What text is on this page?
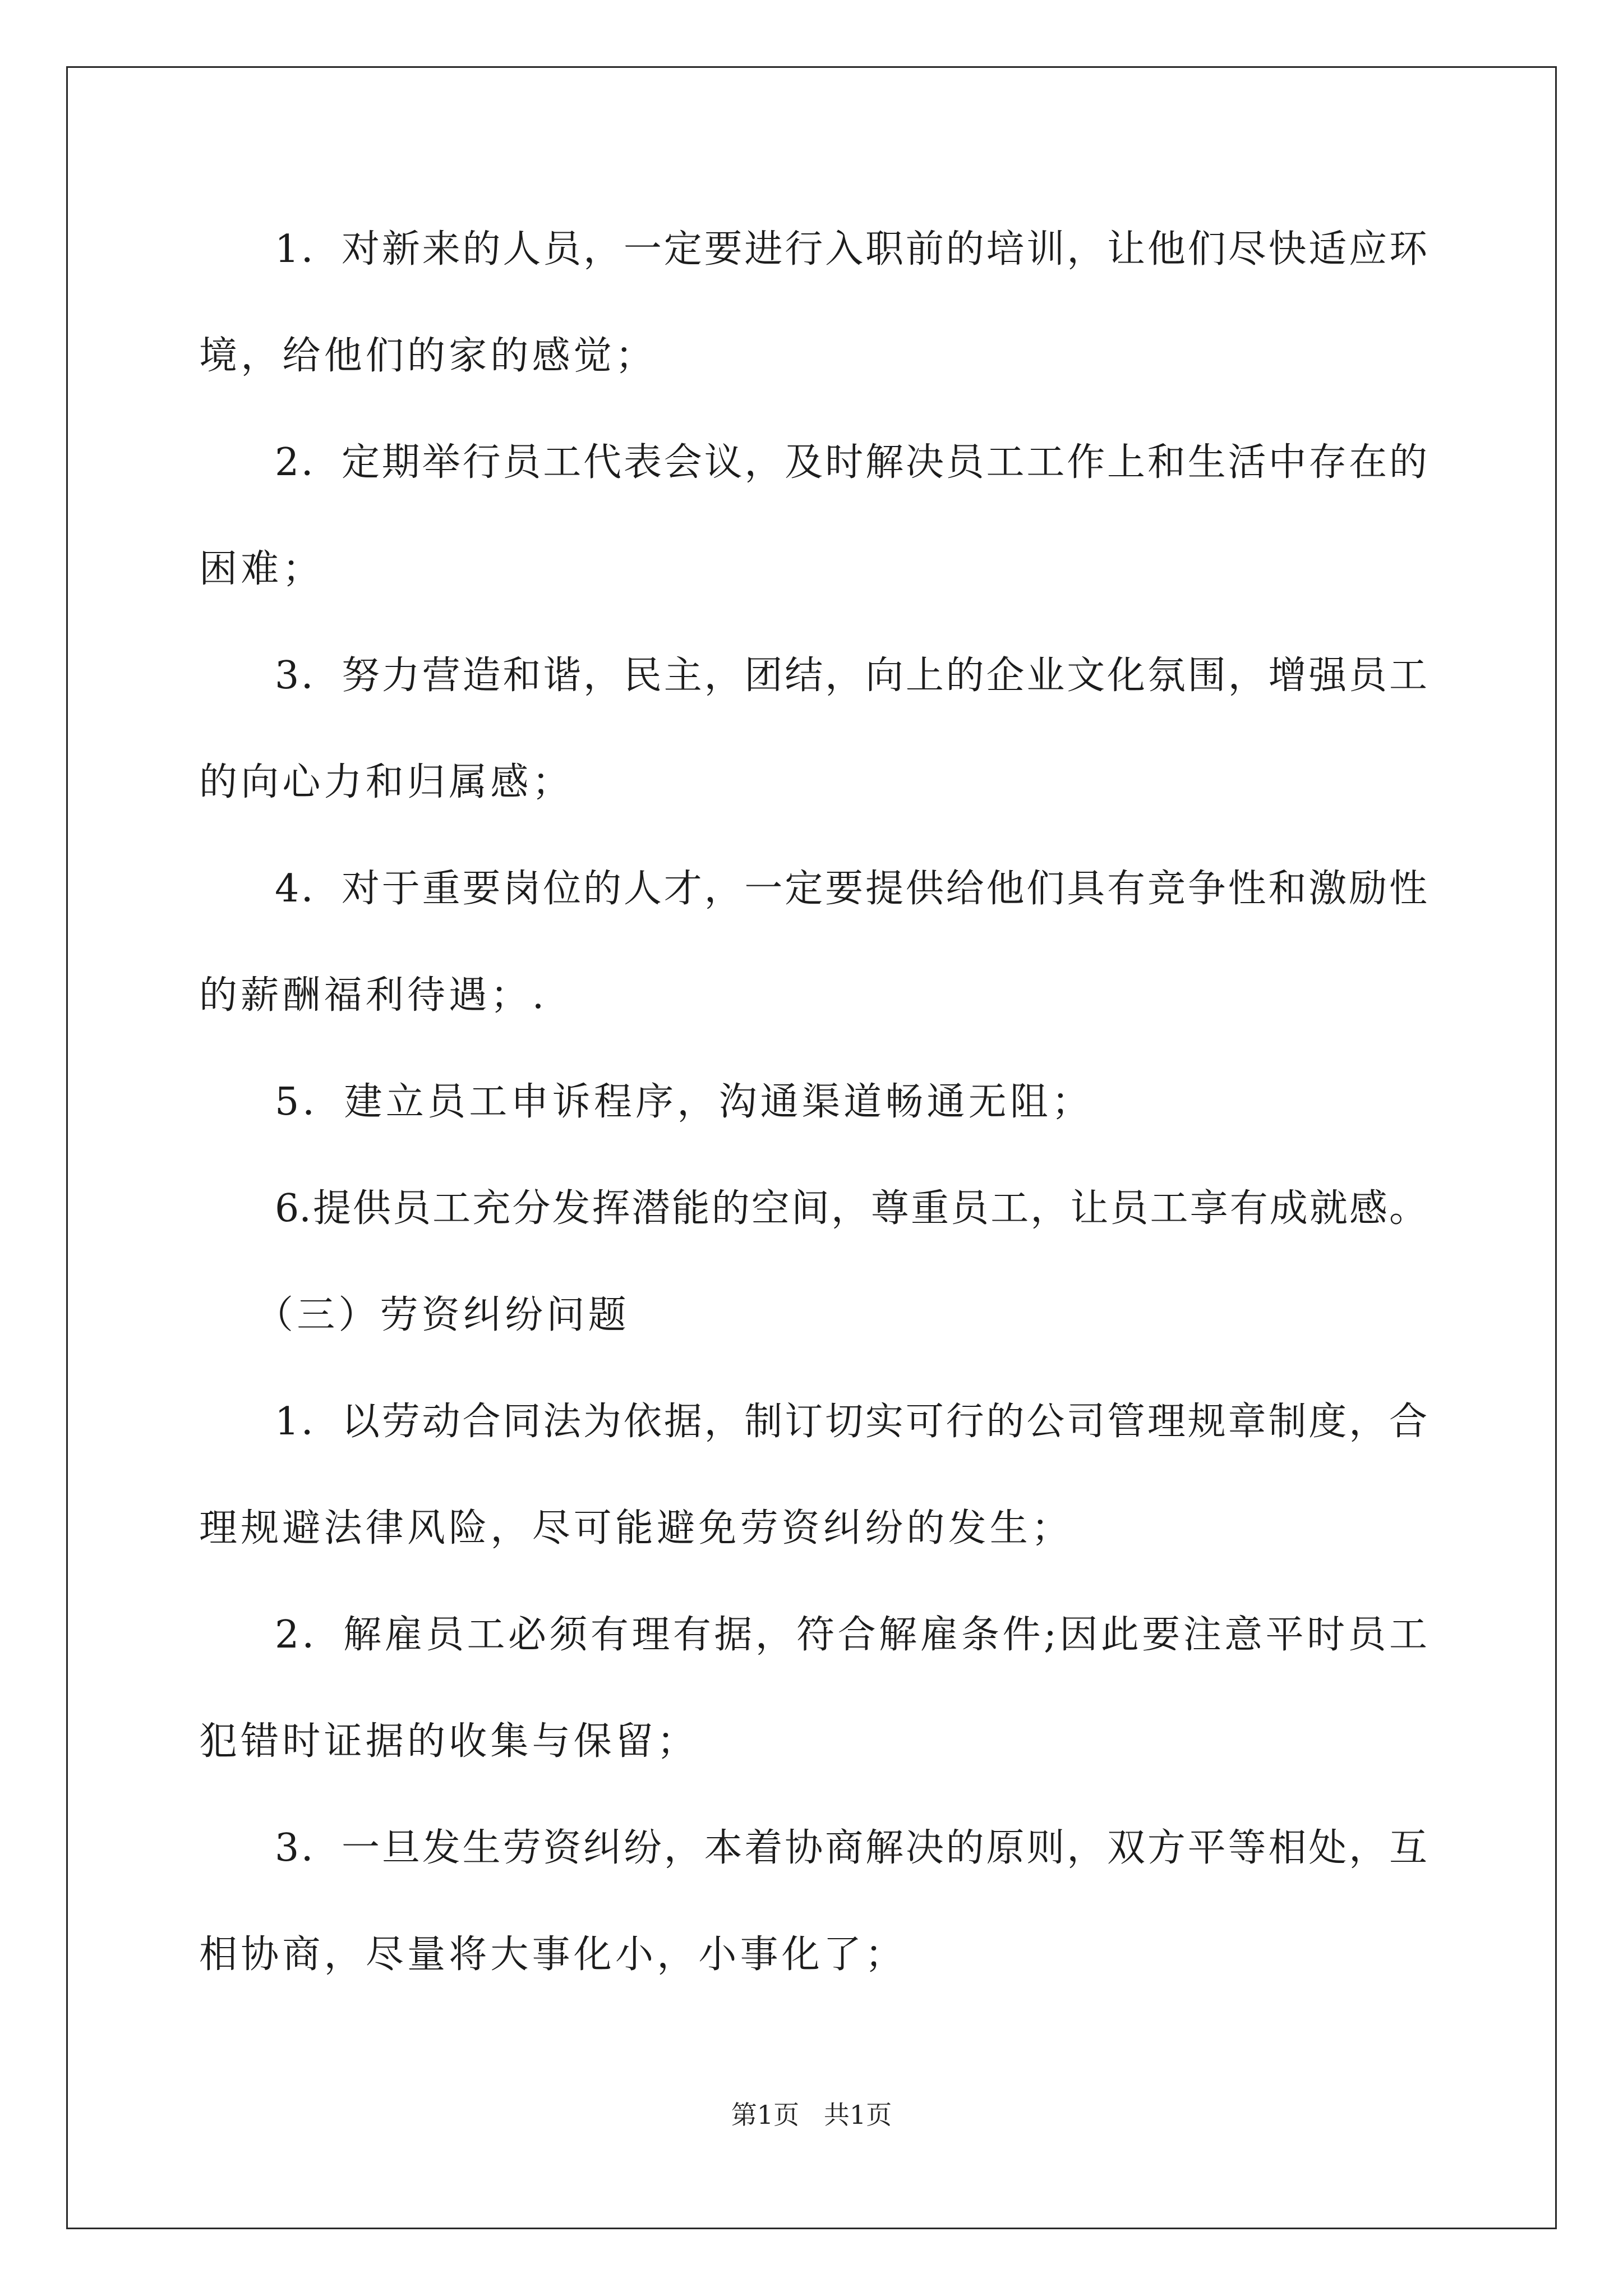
1．对新来的人员，一定要进行入职前的培训，让他们尽快适应环

境，给他们的家的感觉；

2．定期举行员工代表会议，及时解决员工工作上和生活中存在的

困难；

3．努力营造和谐，民主，团结，向上的企业文化氛围，增强员工

的向心力和归属感；

4．对于重要岗位的人才，一定要提供给他们具有竞争性和激励性

的薪酬福利待遇；.

5．建立员工申诉程序，沟通渠道畅通无阻；

6.提供员工充分发挥潜能的空间，尊重员工，让员工享有成就感。

（三）劳资纠纷问题

1．以劳动合同法为依据，制订切实可行的公司管理规章制度，合

理规避法律风险，尽可能避免劳资纠纷的发生；

2．解雇员工必须有理有据，符合解雇条件;因此要注意平时员工

犯错时证据的收集与保留；

3．一旦发生劳资纠纷，本着协商解决的原则，双方平等相处，互

相协商，尽量将大事化小，小事化了；

第1页   共1页
